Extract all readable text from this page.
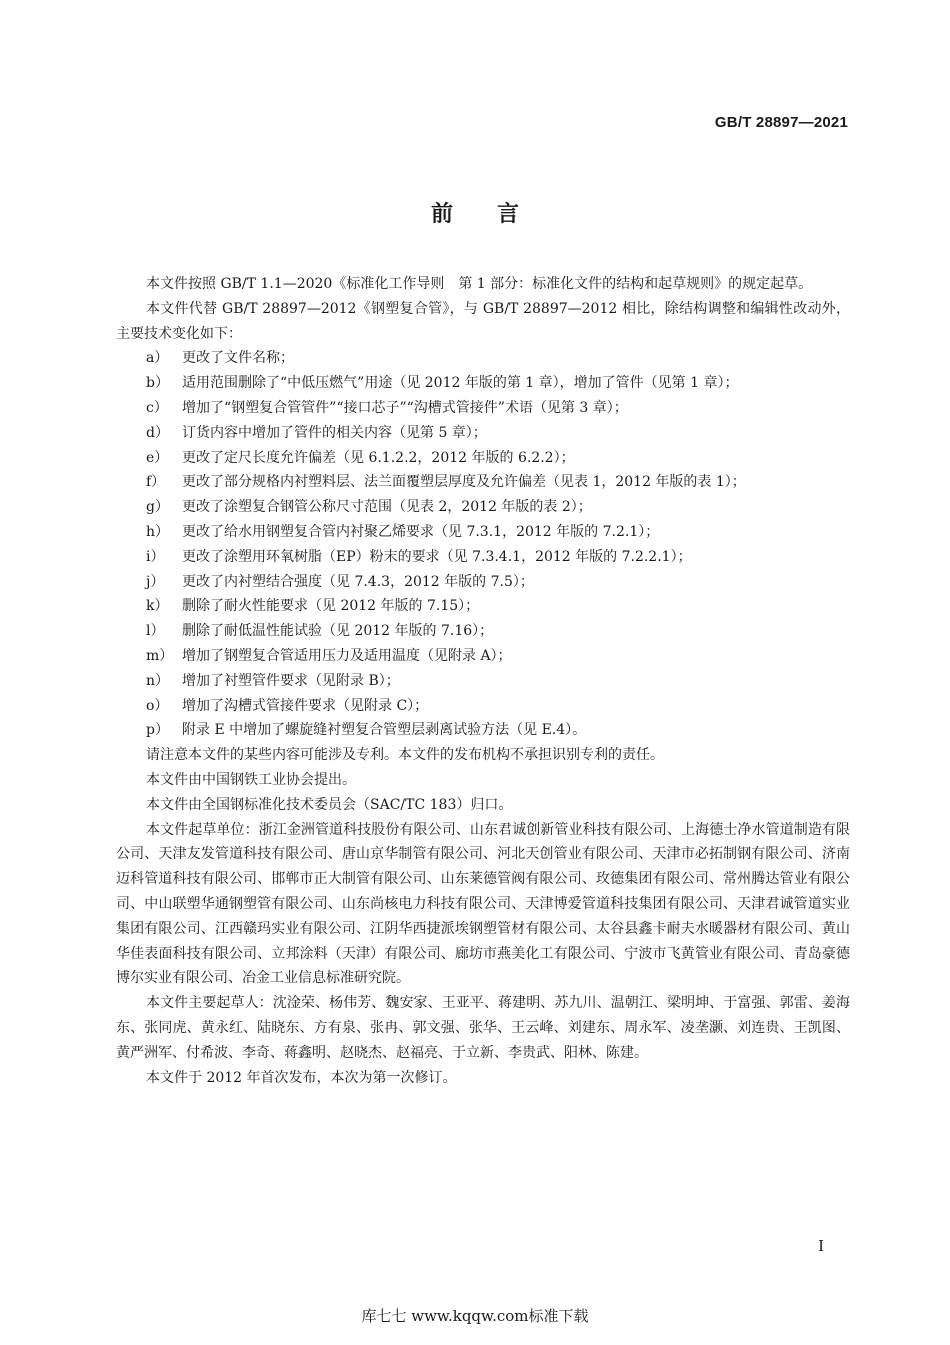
GB/T 28897—2021
前言

本文件按照 GB/T 1.1—2020《标准化工作导则　第 1 部分：标准化文件的结构和起草规则》的规定起草。

本文件代替 GB/T 28897—2012《钢塑复合管》，与 GB/T 28897—2012 相比，除结构调整和编辑性改动外，主要技术变化如下：

a） 更改了文件名称；
b） 适用范围删除了“中低压燃气”用途（见 2012 年版的第 1 章），增加了管件（见第 1 章）；
c）	增加了“钢塑复合管管件”“接口芯子”“沟槽式管接件”术语（见第 3 章）；
d） 订货内容中增加了管件的相关内容（见第 5 章）；
e） 更改了定尺长度允许偏差（见 6.1.2.2，2012 年版的 6.2.2）；
f）	更改了部分规格内衬塑料层、法兰面覆塑层厚度及允许偏差（见表 1，2012 年版的表 1）；
g） 更改了涂塑复合钢管公称尺寸范围（见表 2，2012 年版的表 2）；
h） 更改了给水用钢塑复合管内衬聚乙烯要求（见 7.3.1，2012 年版的 7.2.1）；
i）	更改了涂塑用环氧树脂（EP）粉末的要求（见 7.3.4.1，2012 年版的 7.2.2.1）；
j）	更改了内衬塑结合强度（见 7.4.3，2012 年版的 7.5）；
k） 删除了耐火性能要求（见 2012 年版的 7.15）；
l）	删除了耐低温性能试验（见 2012 年版的 7.16）；
m） 增加了钢塑复合管适用压力及适用温度（见附录 A）；
n） 增加了衬塑管件要求（见附录 B）；
o） 增加了沟槽式管接件要求（见附录 C）；
p） 附录 E 中增加了螺旋缝衬塑复合管塑层剥离试验方法（见 E.4）。

请注意本文件的某些内容可能涉及专利。本文件的发布机构不承担识别专利的责任。

本文件由中国钢铁工业协会提出。

本文件由全国钢标准化技术委员会（SAC/TC 183）归口。

本文件起草单位：浙江金洲管道科技股份有限公司、山东君诚创新管业科技有限公司、上海德士净水管道制造有限公司、天津友发管道科技有限公司、唐山京华制管有限公司、河北天创管业有限公司、天津市必拓制钢有限公司、济南迈科管道科技有限公司、邯郸市正大制管有限公司、山东莱德管阀有限公司、玫德集团有限公司、常州腾达管业有限公司、中山联塑华通钢塑管有限公司、山东尚核电力科技有限公司、天津博爱管道科技集团有限公司、天津君诚管道实业集团有限公司、江西赣玛实业有限公司、江阴华西捷派埃钢塑管材有限公司、太谷县鑫卡耐夫水暖器材有限公司、黄山华佳表面科技有限公司、立邦涂料（天津）有限公司、廊坊市燕美化工有限公司、宁波市飞黄管业有限公司、青岛豪德博尔实业有限公司、冶金工业信息标准研究院。

本文件主要起草人：沈淦荣、杨伟芳、魏安家、王亚平、蒋建明、苏九川、温朝江、梁明坤、于富强、郭雷、姜海东、张同虎、黄永红、陆晓东、方有泉、张冉、郭文强、张华、王云峰、刘建东、周永军、凌垄灏、刘连贵、王凯图、黄严洲军、付希波、李奇、蒋鑫明、赵晓杰、赵福亮、于立新、李贵武、阳林、陈建。

本文件于 2012 年首次发布，本次为第一次修订。

Ⅰ
库七七 www.kqqw.com标准下载
